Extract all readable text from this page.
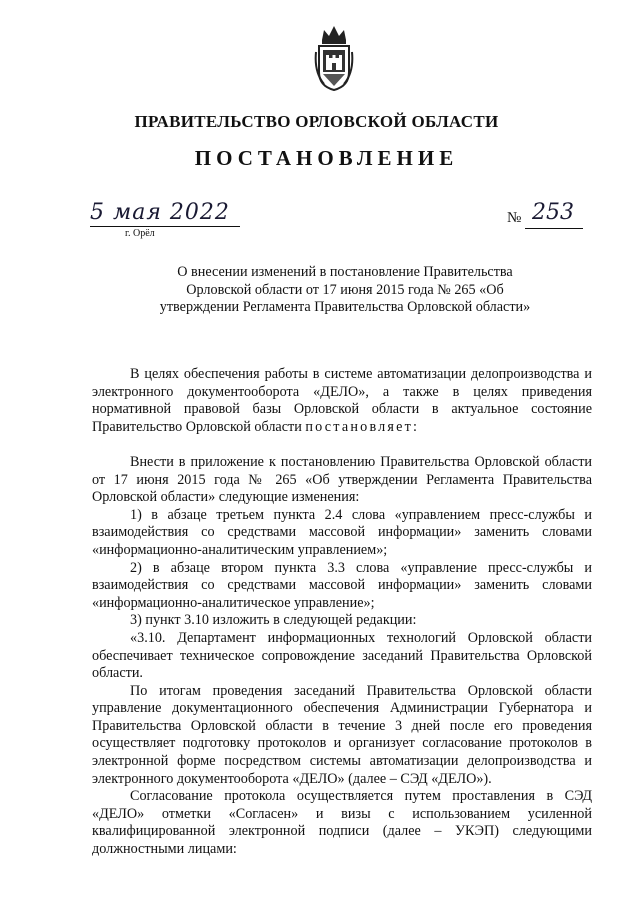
ПРАВИТЕЛЬСТВО ОРЛОВСКОЙ ОБЛАСТИ
ПОСТАНОВЛЕНИЕ
5 мая 2022
г. Орёл
№ 253
О внесении изменений в постановление Правительства Орловской области от 17 июня 2015 года № 265 «Об утверждении Регламента Правительства Орловской области»

В целях обеспечения работы в системе автоматизации делопроизводства и электронного документооборота «ДЕЛО», а также в целях приведения нормативной правовой базы Орловской области в актуальное состояние Правительство Орловской области постановляет:

Внести в приложение к постановлению Правительства Орловской области от 17 июня 2015 года № 265 «Об утверждении Регламента Правительства Орловской области» следующие изменения:

1) в абзаце третьем пункта 2.4 слова «управлением пресс-службы и взаимодействия со средствами массовой информации» заменить словами «информационно-аналитическим управлением»;

2) в абзаце втором пункта 3.3 слова «управление пресс-службы и взаимодействия со средствами массовой информации» заменить словами «информационно-аналитическое управление»;

3) пункт 3.10 изложить в следующей редакции:

«3.10. Департамент информационных технологий Орловской области обеспечивает техническое сопровождение заседаний Правительства Орловской области.

По итогам проведения заседаний Правительства Орловской области управление документационного обеспечения Администрации Губернатора и Правительства Орловской области в течение 3 дней после его проведения осуществляет подготовку протоколов и организует согласование протоколов в электронной форме посредством системы автоматизации делопроизводства и электронного документооборота «ДЕЛО» (далее – СЭД «ДЕЛО»).

Согласование протокола осуществляется путем проставления в СЭД «ДЕЛО» отметки «Согласен» и визы с использованием усиленной квалифицированной электронной подписи (далее – УКЭП) следующими должностными лицами:
